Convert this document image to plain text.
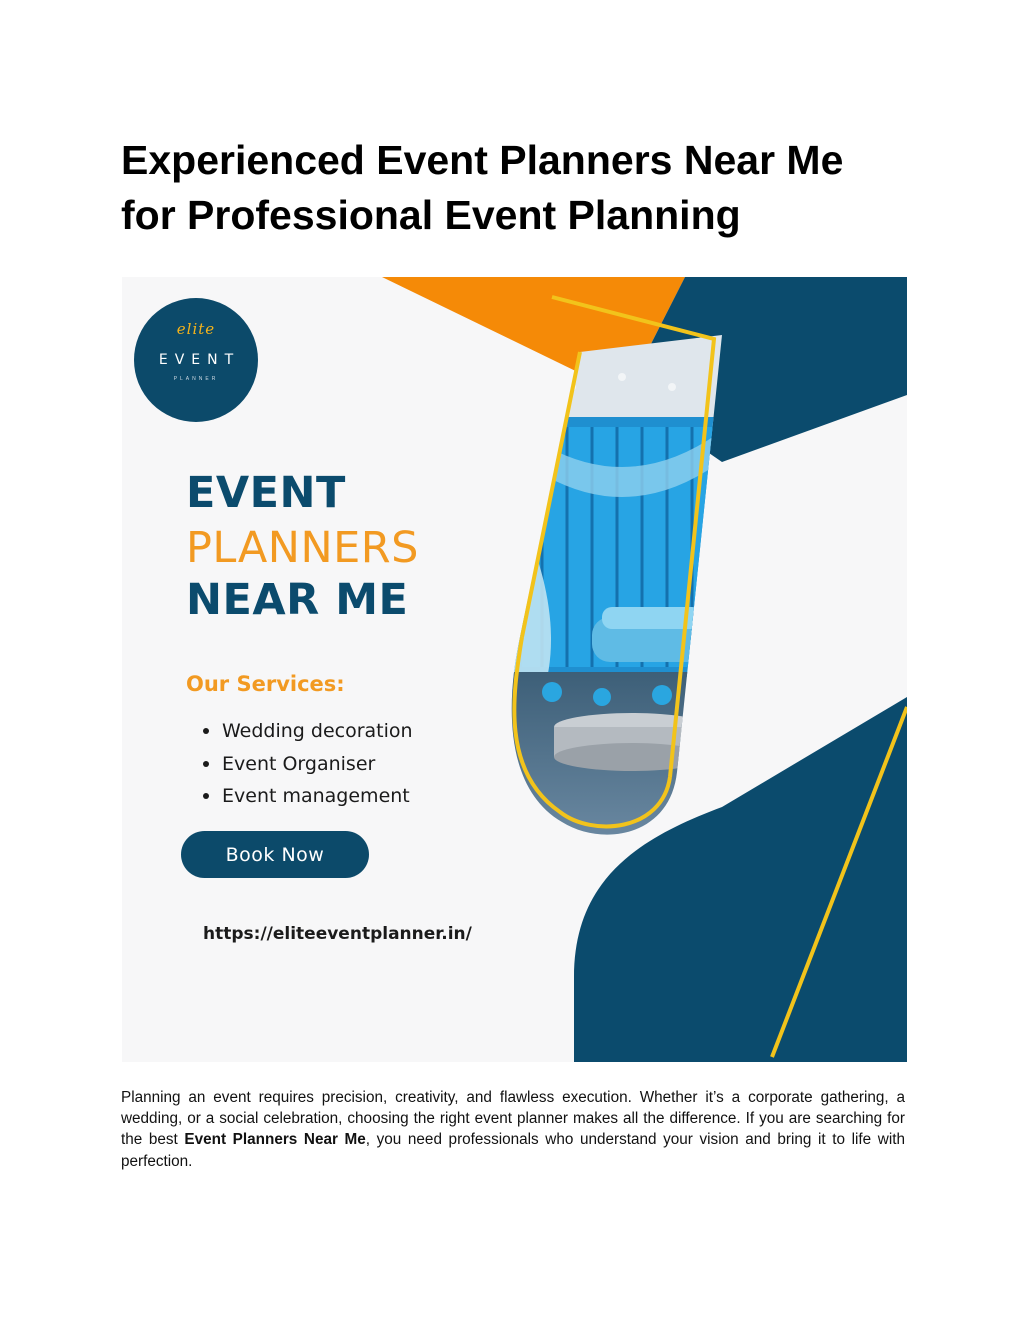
Experienced Event Planners Near Me
for Professional Event Planning
elite
EVENT
PLANNER
EVENT
PLANNERS
NEAR ME
Our Services:
Wedding decoration
Event Organiser
Event management
Book Now
https://eliteeventplanner.in/

Planning an event requires precision, creativity, and flawless execution. Whether it’s a corporate gathering, a wedding, or a social celebration, choosing the right event planner makes all the difference. If you are searching for the best Event Planners Near Me, you need professionals who understand your vision and bring it to life with perfection.
